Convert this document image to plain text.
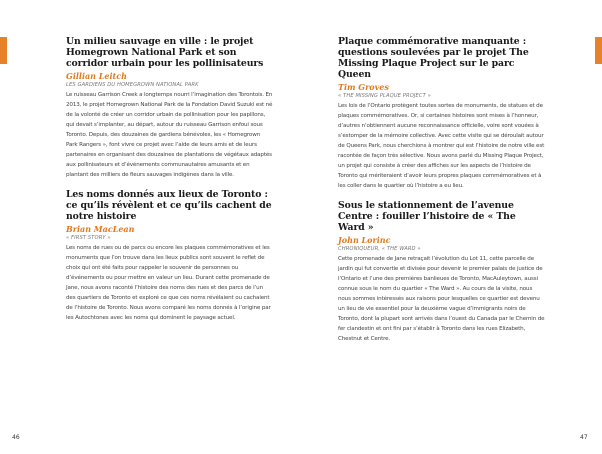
Un milieu sauvage en ville : le projet Homegrown National Park et son corridor urbain pour les pollinisateurs

Gillian Leitch

LES GARDIENS DU HOMEGROWN NATIONAL PARK

Le ruisseau Garrison Creek a longtemps nourri l’imagination des Torontois. En 2013, le projet Homegrown National Park de la Fondation David Suzuki est né de la volonté de créer un corridor urbain de pollinisation pour les papillons, qui devait s’implanter, au départ, autour du ruisseau Garrison enfoui sous Toronto. Depuis, des douzaines de gardiens bénévoles, les « Homegrown Park Rangers », font vivre ce projet avec l’aide de leurs amis et de leurs partenaires en organisant des douzaines de plantations de végétaux adaptés aux pollinisateurs et d’événements communautaires amusants et en plantant des milliers de fleurs sauvages indigènes dans la ville.

Les noms donnés aux lieux de Toronto : ce qu’ils révèlent et ce qu’ils cachent de notre histoire

Brian MacLean

« FIRST STORY »

Les noms de rues ou de parcs ou encore les plaques commémoratives et les monuments que l’on trouve dans les lieux publics sont souvent le reflet de choix qui ont été faits pour rappeler le souvenir de personnes ou d’événements ou pour mettre en valeur un lieu. Durant cette promenade de Jane, nous avons raconté l’histoire des noms des rues et des parcs de l’un des quartiers de Toronto et exploré ce que ces noms révélaient ou cachaient de l’histoire de Toronto. Nous avons comparé les noms donnés à l’origine par les Autochtones avec les noms qui dominent le paysage actuel.

Plaque commémorative manquante : questions soulevées par le projet The Missing Plaque Project sur le parc Queen

Tim Groves

« THE MISSING PLAQUE PROJECT »

Les lois de l’Ontario protègent toutes sortes de monuments, de statues et de plaques commémoratives. Or, si certaines histoires sont mises à l’honneur, d’autres n’obtiennent aucune reconnaissance officielle, voire sont vouées à s’estomper de la mémoire collective. Avec cette visite qui se déroulait autour de Queens Park, nous cherchions à montrer qui est l’histoire de notre ville est racontée de façon très sélective. Nous avons parlé du Missing Plaque Project, un projet qui consiste à créer des affiches sur les aspects de l’histoire de Toronto qui mériteraient d’avoir leurs propres plaques commémoratives et à les coller dans le quartier où l’histoire a eu lieu.

Sous le stationnement de l’avenue Centre : fouiller l’histoire de « The Ward »

John Lorinc

CHRONIQUEUR, « THE WARD »

Cette promenade de Jane retraçait l’évolution du Lot 11, cette parcelle de jardin qui fut convertie et divisée pour devenir le premier palais de justice de l’Ontario et l’une des premières banlieues de Toronto, MacAuleytown, aussi connue sous le nom du quartier « The Ward ». Au cours de la visite, nous nous sommes intéressés aux raisons pour lesquelles ce quartier est devenu un lieu de vie essentiel pour la deuxième vague d’immigrants noirs de Toronto, dont la plupart sont arrivés dans l’ouest du Canada par le Chemin de fer clandestin et ont fini par s’établir à Toronto dans les rues Elizabeth, Chestnut et Centre.

46	47
